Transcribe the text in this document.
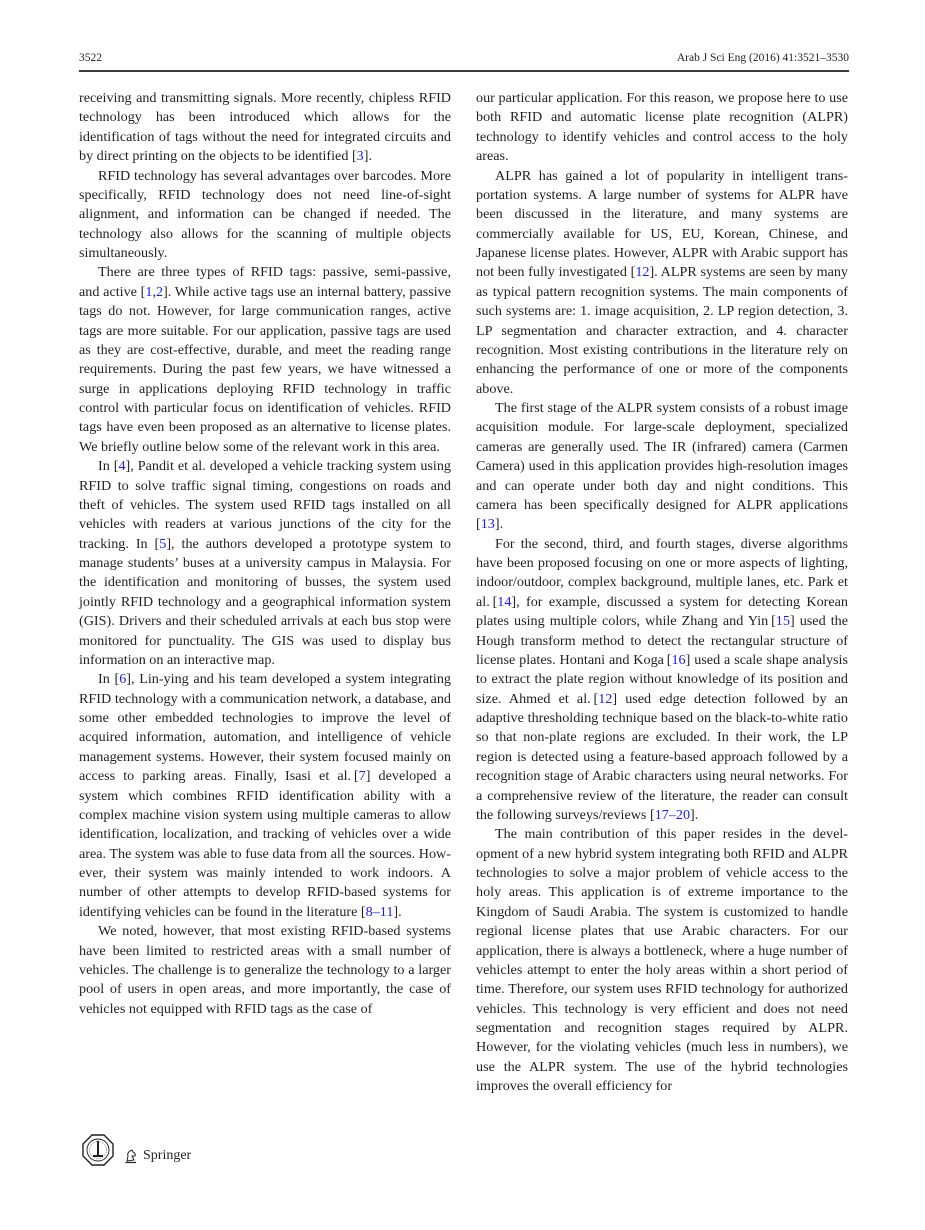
3522	Arab J Sci Eng (2016) 41:3521–3530

receiving and transmitting signals. More recently, chipless RFID technology has been introduced which allows for the identification of tags without the need for integrated circuits and by direct printing on the objects to be identified [3].

RFID technology has several advantages over barcodes. More specifically, RFID technology does not need line-of-sight alignment, and information can be changed if needed. The technology also allows for the scanning of multiple objects simultaneously.

There are three types of RFID tags: passive, semi-passive, and active [1,2]. While active tags use an internal battery, passive tags do not. However, for large communication ranges, active tags are more suitable. For our application, passive tags are used as they are cost-effective, durable, and meet the reading range requirements. During the past few years, we have witnessed a surge in applications deploying RFID technology in traffic control with particular focus on identification of vehicles. RFID tags have even been proposed as an alternative to license plates. We briefly outline below some of the relevant work in this area.

In [4], Pandit et al. developed a vehicle tracking system using RFID to solve traffic signal timing, congestions on roads and theft of vehicles. The system used RFID tags installed on all vehicles with readers at various junctions of the city for the tracking. In [5], the authors developed a prototype system to manage students’ buses at a university campus in Malaysia. For the identification and monitoring of busses, the system used jointly RFID technology and a geographical information system (GIS). Drivers and their scheduled arrivals at each bus stop were monitored for punctuality. The GIS was used to display bus information on an interactive map.

In [6], Lin-ying and his team developed a system integrating RFID technology with a communication network, a database, and some other embedded technologies to improve the level of acquired information, automation, and intelligence of vehicle management systems. However, their system focused mainly on access to parking areas. Finally, Isasi et al. [7] developed a system which combines RFID identification ability with a complex machine vision system using multiple cameras to allow identification, localization, and tracking of vehicles over a wide area. The system was able to fuse data from all the sources. However, their system was mainly intended to work indoors. A number of other attempts to develop RFID-based systems for identifying vehicles can be found in the literature [8–11].

We noted, however, that most existing RFID-based systems have been limited to restricted areas with a small number of vehicles. The challenge is to generalize the technology to a larger pool of users in open areas, and more importantly, the case of vehicles not equipped with RFID tags as the case of

our particular application. For this reason, we propose here to use both RFID and automatic license plate recognition (ALPR) technology to identify vehicles and control access to the holy areas.

ALPR has gained a lot of popularity in intelligent transportation systems. A large number of systems for ALPR have been discussed in the literature, and many systems are commercially available for US, EU, Korean, Chinese, and Japanese license plates. However, ALPR with Arabic support has not been fully investigated [12]. ALPR systems are seen by many as typical pattern recognition systems. The main components of such systems are: 1. image acquisition, 2. LP region detection, 3. LP segmentation and character extraction, and 4. character recognition. Most existing contributions in the literature rely on enhancing the performance of one or more of the components above.

The first stage of the ALPR system consists of a robust image acquisition module. For large-scale deployment, specialized cameras are generally used. The IR (infrared) camera (Carmen Camera) used in this application provides high-resolution images and can operate under both day and night conditions. This camera has been specifically designed for ALPR applications [13].

For the second, third, and fourth stages, diverse algorithms have been proposed focusing on one or more aspects of lighting, indoor/outdoor, complex background, multiple lanes, etc. Park et al. [14], for example, discussed a system for detecting Korean plates using multiple colors, while Zhang and Yin [15] used the Hough transform method to detect the rectangular structure of license plates. Hontani and Koga [16] used a scale shape analysis to extract the plate region without knowledge of its position and size. Ahmed et al. [12] used edge detection followed by an adaptive thresholding technique based on the black-to-white ratio so that non-plate regions are excluded. In their work, the LP region is detected using a feature-based approach followed by a recognition stage of Arabic characters using neural networks. For a comprehensive review of the literature, the reader can consult the following surveys/reviews [17–20].

The main contribution of this paper resides in the development of a new hybrid system integrating both RFID and ALPR technologies to solve a major problem of vehicle access to the holy areas. This application is of extreme importance to the Kingdom of Saudi Arabia. The system is customized to handle regional license plates that use Arabic characters. For our application, there is always a bottleneck, where a huge number of vehicles attempt to enter the holy areas within a short period of time. Therefore, our system uses RFID technology for authorized vehicles. This technology is very efficient and does not need segmentation and recognition stages required by ALPR. However, for the violating vehicles (much less in numbers), we use the ALPR system. The use of the hybrid technologies improves the overall efficiency for

Springer
